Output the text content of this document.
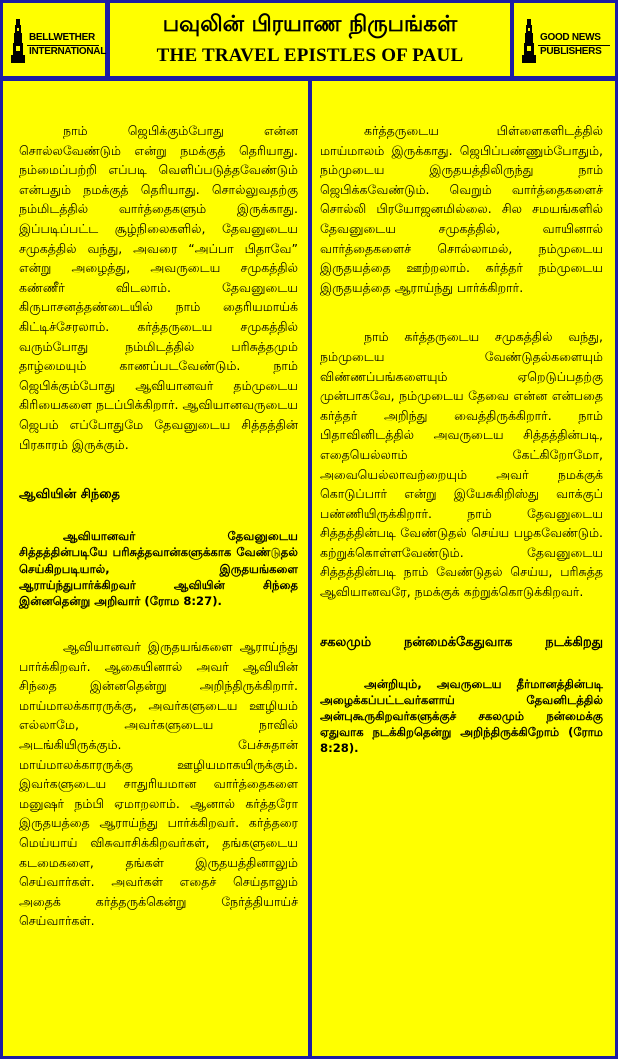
BELLWETHER
INTERNATIONAL
பவுலின் பிரயாண நிருபங்கள்
THE TRAVEL EPISTLES OF PAUL
GOOD NEWS
PUBLISHERS

நாம் ஜெபிக்கும்போது என்ன சொல்லவேண்டும் என்று நமக்குத் தெரியாது. நம்மைப்பற்றி எப்படி வெளிப்படுத்தவேண்டும் என்பதும் நமக்குத் தெரியாது. சொல்லுவதற்கு நம்மிடத்தில் வார்த்தைகளும் இருக்காது. இப்படிப்பட்ட சூழ்நிலைகளில், தேவனுடைய சமுகத்தில் வந்து, அவரை “அப்பா பிதாவே” என்று அழைத்து, அவருடைய சமுகத்தில் கண்ணீர் விடலாம். தேவனுடைய கிருபாசனத்தண்டையில் நாம் தைரியமாய்க் கிட்டிச்சேரலாம். கர்த்தருடைய சமுகத்தில் வரும்போது நம்மிடத்தில் பரிசுத்தமும் தாழ்மையும் காணப்படவேண்டும். நாம் ஜெபிக்கும்போது ஆவியானவர் தம்முடைய கிரியைகளை நடப்பிக்கிறார். ஆவியானவருடைய ஜெபம் எப்போதுமே தேவனுடைய சித்தத்தின் பிரகாரம் இருக்கும்.

ஆவியின் சிந்தை

ஆவியானவர் தேவனுடைய சித்தத்தின்படியே பரிசுத்தவான்களுக்காக வேண்டுதல் செய்கிறபடியால், இருதயங்களை ஆராய்ந்துபார்க்கிறவர் ஆவியின் சிந்தை இன்னதென்று அறிவார் (ரோம 8:27).

ஆவியானவர் இருதயங்களை ஆராய்ந்து பார்க்கிறவர். ஆகையினால் அவர் ஆவியின் சிந்தை இன்னதென்று அறிந்திருக்கிறார். மாய்மாலக்காரருக்கு, அவர்களுடைய ஊழியம் எல்லாமே, அவர்களுடைய நாவில் அடங்கியிருக்கும். பேச்சுதான் மாய்மாலக்காரருக்கு ஊழியமாகயிருக்கும். இவர்களுடைய சாதுரியமான வார்த்தைகளை மனுஷர் நம்பி ஏமாறலாம். ஆனால் கர்த்தரோ இருதயத்தை ஆராய்ந்து பார்க்கிறவர். கர்த்தரை மெய்யாய் விசுவாசிக்கிறவர்கள், தங்களுடைய கடமைகளை, தங்கள் இருதயத்தினாலும் செய்வார்கள். அவர்கள் எதைச் செய்தாலும் அதைக் கர்த்தருக்கென்று நேர்த்தியாய்ச் செய்வார்கள்.

கர்த்தருடைய பிள்ளைகளிடத்தில் மாய்மாலம் இருக்காது. ஜெபிப்பண்ணும்போதும், நம்முடைய இருதயத்திலிருந்து நாம் ஜெபிக்கவேண்டும். வெறும் வார்த்தைகளைச் சொல்லி பிரயோஜனமில்லை. சில சமயங்களில் தேவனுடைய சமுகத்தில், வாயினால் வார்த்தைகளைச் சொல்லாமல், நம்முடைய இருதயத்தை ஊற்றலாம். கர்த்தர் நம்முடைய இருதயத்தை ஆராய்ந்து பார்க்கிறார்.

நாம் கர்த்தருடைய சமுகத்தில் வந்து, நம்முடைய வேண்டுதல்களையும் விண்ணப்பங்களையும் ஏறெடுப்பதற்கு முன்பாகவே, நம்முடைய தேவை என்ன என்பதை கர்த்தர் அறிந்து வைத்திருக்கிறார். நாம் பிதாவினிடத்தில் அவருடைய சித்தத்தின்படி, எதையெல்லாம் கேட்கிறோமோ, அவையெல்லாவற்றையும் அவர் நமக்குக் கொடுப்பார் என்று இயேசுகிறிஸ்து வாக்குப் பண்ணியிருக்கிறார். நாம் தேவனுடைய சித்தத்தின்படி வேண்டுதல் செய்ய பழகவேண்டும். கற்றுக்கொள்ளவேண்டும். தேவனுடைய சித்தத்தின்படி நாம் வேண்டுதல் செய்ய, பரிசுத்த ஆவியானவரே, நமக்குக் கற்றுக்கொடுக்கிறவர்.

சகலமும் நன்மைக்கேதுவாக நடக்கிறது

அன்றியும், அவருடைய தீர்மானத்தின்படி அழைக்கப்பட்டவர்களாய் தேவனிடத்தில் அன்புகூருகிறவர்களுக்குச் சகலமும் நன்மைக்கு ஏதுவாக நடக்கிறதென்று அறிந்திருக்கிறோம் (ரோம 8:28).
